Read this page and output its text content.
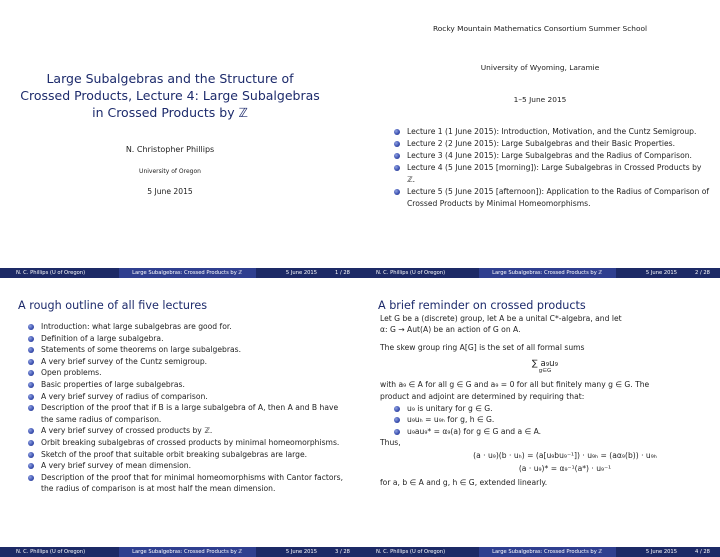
Large Subalgebras and the Structure of Crossed Products, Lecture 4: Large Subalgebras in Crossed Products by ℤ
N. Christopher Phillips
University of Oregon
5 June 2015
N. C. Phillips (U of Oregon)	Large Subalgebras: Crossed Products by ℤ	5 June 2015	1 / 28
Rocky Mountain Mathematics Consortium Summer School
University of Wyoming, Laramie
1–5 June 2015
Lecture 1 (1 June 2015): Introduction, Motivation, and the Cuntz Semigroup.
Lecture 2 (2 June 2015): Large Subalgebras and their Basic Properties.
Lecture 3 (4 June 2015): Large Subalgebras and the Radius of Comparison.
Lecture 4 (5 June 2015 [morning]): Large Subalgebras in Crossed Products by ℤ.
Lecture 5 (5 June 2015 [afternoon]): Application to the Radius of Comparison of Crossed Products by Minimal Homeomorphisms.
N. C. Phillips (U of Oregon)	Large Subalgebras: Crossed Products by ℤ	5 June 2015	2 / 28
A rough outline of all five lectures
Introduction: what large subalgebras are good for.
Definition of a large subalgebra.
Statements of some theorems on large subalgebras.
A very brief survey of the Cuntz semigroup.
Open problems.
Basic properties of large subalgebras.
A very brief survey of radius of comparison.
Description of the proof that if B is a large subalgebra of A, then A and B have the same radius of comparison.
A very brief survey of crossed products by ℤ.
Orbit breaking subalgebras of crossed products by minimal homeomorphisms.
Sketch of the proof that suitable orbit breaking subalgebras are large.
A very brief survey of mean dimension.
Description of the proof that for minimal homeomorphisms with Cantor factors, the radius of comparison is at most half the mean dimension.
N. C. Phillips (U of Oregon)	Large Subalgebras: Crossed Products by ℤ	5 June 2015	3 / 28
A brief reminder on crossed products

Let G be a (discrete) group, let A be a unital C*-algebra, and let

α: G → Aut(A) be an action of G on A.

The skew group ring A[G] is the set of all formal sums

∑ a₉u₉
g∈G

with a₉ ∈ A for all g ∈ G and a₉ = 0 for all but finitely many g ∈ G. The

product and adjoint are determined by requiring that:

u₉ is unitary for g ∈ G.
u₉uₕ = u₉ₕ for g, h ∈ G.
u₉au₉* = α₉(a) for g ∈ G and a ∈ A.

Thus,

(a · u₉)(b · uₕ) = (a[u₉bu₉⁻¹]) · u₉ₕ = (aα₉(b)) · u₉ₕ
(a · u₉)* = α₉⁻¹(a*) · u₉⁻¹

for a, b ∈ A and g, h ∈ G, extended linearly.

N. C. Phillips (U of Oregon)	Large Subalgebras: Crossed Products by ℤ	5 June 2015	4 / 28
